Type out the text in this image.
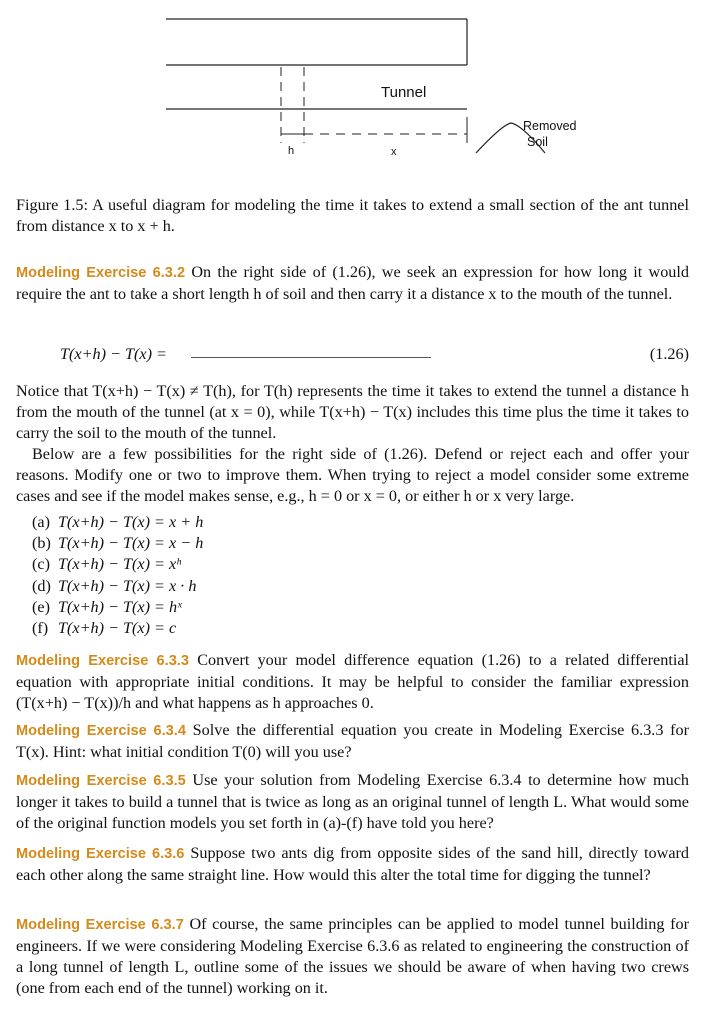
Tunnel
h	x
Removed
Soil
Figure 1.5: A useful diagram for modeling the time it takes to extend a small section of the ant tunnel from distance x to x + h.
Modeling Exercise 6.3.2 On the right side of (1.26), we seek an expression for how long it would require the ant to take a short length h of soil and then carry it a distance x to the mouth of the tunnel.
T(x+h) − T(x) =	(1.26)
Notice that T(x+h) − T(x) ≠ T(h), for T(h) represents the time it takes to extend the tunnel a distance h from the mouth of the tunnel (at x = 0), while T(x+h) − T(x) includes this time plus the time it takes to carry the soil to the mouth of the tunnel.
Below are a few possibilities for the right side of (1.26). Defend or reject each and offer your reasons. Modify one or two to improve them. When trying to reject a model consider some extreme cases and see if the model makes sense, e.g., h = 0 or x = 0, or either h or x very large.
(a) T(x+h) − T(x) = x + h
(b) T(x+h) − T(x) = x − h
(c) T(x+h) − T(x) = xʰ
(d) T(x+h) − T(x) = x · h
(e) T(x+h) − T(x) = hˣ
(f) T(x+h) − T(x) = c
Modeling Exercise 6.3.3 Convert your model difference equation (1.26) to a related differential equation with appropriate initial conditions. It may be helpful to consider the familiar expression (T(x+h) − T(x))/h and what happens as h approaches 0.
Modeling Exercise 6.3.4 Solve the differential equation you create in Modeling Exercise 6.3.3 for T(x). Hint: what initial condition T(0) will you use?
Modeling Exercise 6.3.5 Use your solution from Modeling Exercise 6.3.4 to determine how much longer it takes to build a tunnel that is twice as long as an original tunnel of length L. What would some of the original function models you set forth in (a)-(f) have told you here?
Modeling Exercise 6.3.6 Suppose two ants dig from opposite sides of the sand hill, directly toward each other along the same straight line. How would this alter the total time for digging the tunnel?
Modeling Exercise 6.3.7 Of course, the same principles can be applied to model tunnel building for engineers. If we were considering Modeling Exercise 6.3.6 as related to engineering the construction of a long tunnel of length L, outline some of the issues we should be aware of when having two crews (one from each end of the tunnel) working on it.
